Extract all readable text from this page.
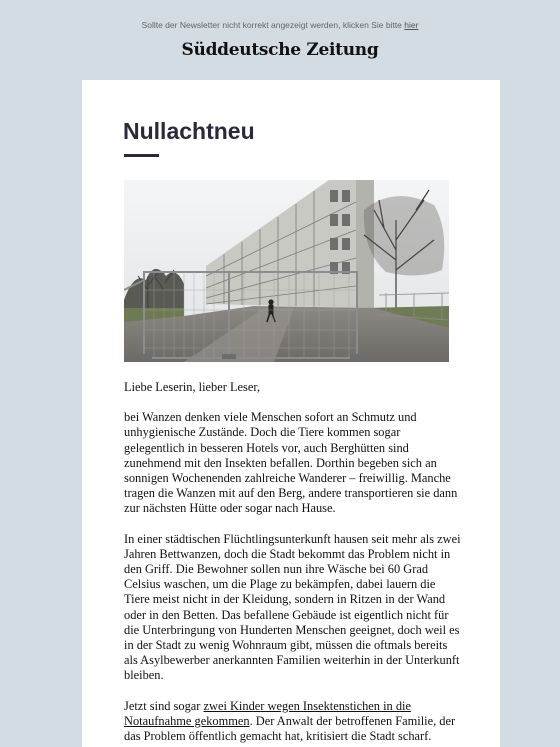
Sollte der Newsletter nicht korrekt angezeigt werden, klicken Sie bitte hier
Süddeutsche Zeitung
Nullachtneu

Liebe Leserin, lieber Leser,

bei Wanzen denken viele Menschen sofort an Schmutz und unhygienische Zustände. Doch die Tiere kommen sogar gelegentlich in besseren Hotels vor, auch Berghütten sind zunehmend mit den Insekten befallen. Dorthin begeben sich an sonnigen Wochenenden zahlreiche Wanderer – freiwillig. Manche tragen die Wanzen mit auf den Berg, andere transportieren sie dann zur nächsten Hütte oder sogar nach Hause.

In einer städtischen Flüchtlingsunterkunft hausen seit mehr als zwei Jahren Bettwanzen, doch die Stadt bekommt das Problem nicht in den Griff. Die Bewohner sollen nun ihre Wäsche bei 60 Grad Celsius waschen, um die Plage zu bekämpfen, dabei lauern die Tiere meist nicht in der Kleidung, sondern in Ritzen in der Wand oder in den Betten. Das befallene Gebäude ist eigentlich nicht für die Unterbringung von Hunderten Menschen geeignet, doch weil es in der Stadt zu wenig Wohnraum gibt, müssen die oftmals bereits als Asylbewerber anerkannten Familien weiterhin in der Unterkunft bleiben.

Jetzt sind sogar zwei Kinder wegen Insektenstichen in die Notaufnahme gekommen. Der Anwalt der betroffenen Familie, der das Problem öffentlich gemacht hat, kritisiert die Stadt scharf.
